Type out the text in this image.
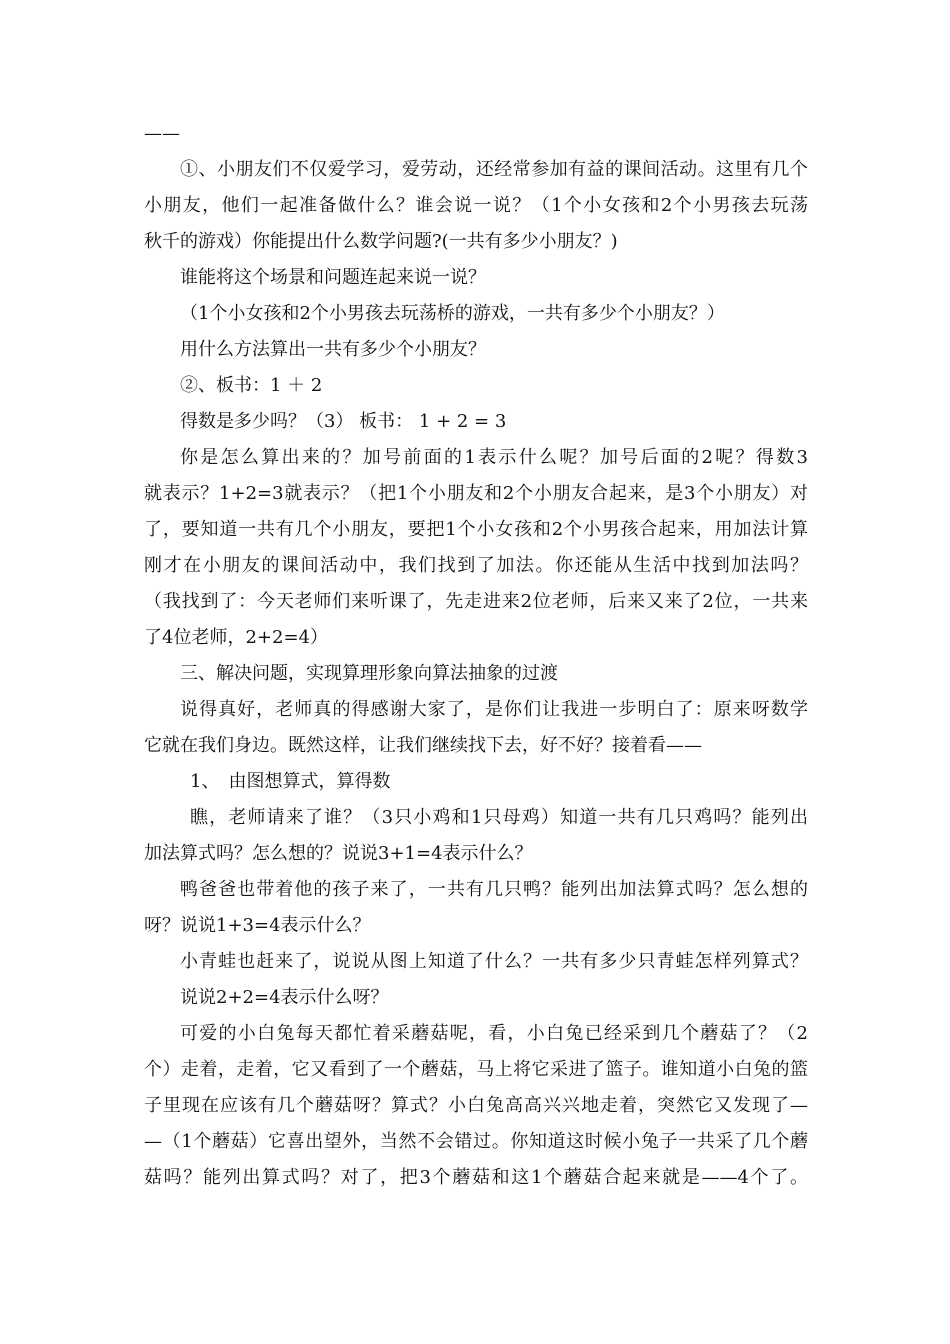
——
①、小朋友们不仅爱学习，爱劳动，还经常参加有益的课间活动。这里有几个
小朋友，他们一起准备做什么？谁会说一说？（1个小女孩和2个小男孩去玩荡
秋千的游戏）你能提出什么数学问题?(一共有多少小朋友？)
谁能将这个场景和问题连起来说一说？
（1个小女孩和2个小男孩去玩荡桥的游戏，一共有多少个小朋友？）
用什么方法算出一共有多少个小朋友？
②、板书：1 ＋ 2
得数是多少吗？（3） 板书： 1 + 2 = 3
你是怎么算出来的？加号前面的1表示什么呢？加号后面的2呢？得数3
就表示？1+2=3就表示？（把1个小朋友和2个小朋友合起来，是3个小朋友）对
了，要知道一共有几个小朋友，要把1个小女孩和2个小男孩合起来，用加法计算
刚才在小朋友的课间活动中，我们找到了加法。你还能从生活中找到加法吗？
（我找到了：今天老师们来听课了，先走进来2位老师，后来又来了2位，一共来
了4位老师，2+2=4）
三、解决问题，实现算理形象向算法抽象的过渡
说得真好，老师真的得感谢大家了，是你们让我进一步明白了：原来呀数学
它就在我们身边。既然这样，让我们继续找下去，好不好？接着看——
1、　由图想算式，算得数
瞧，老师请来了谁？（3只小鸡和1只母鸡）知道一共有几只鸡吗？能列出
加法算式吗？怎么想的？说说3+1=4表示什么？
鸭爸爸也带着他的孩子来了，一共有几只鸭？能列出加法算式吗？怎么想的
呀？说说1+3=4表示什么？
小青蛙也赶来了，说说从图上知道了什么？一共有多少只青蛙怎样列算式？
说说2+2=4表示什么呀？
可爱的小白兔每天都忙着采蘑菇呢，看，小白兔已经采到几个蘑菇了？（2
个）走着，走着，它又看到了一个蘑菇，马上将它采进了篮子。谁知道小白兔的篮
子里现在应该有几个蘑菇呀？算式？小白兔高高兴兴地走着，突然它又发现了—
—（1个蘑菇）它喜出望外，当然不会错过。你知道这时候小兔子一共采了几个蘑
菇吗？能列出算式吗？对了，把3个蘑菇和这1个蘑菇合起来就是——4个了。
